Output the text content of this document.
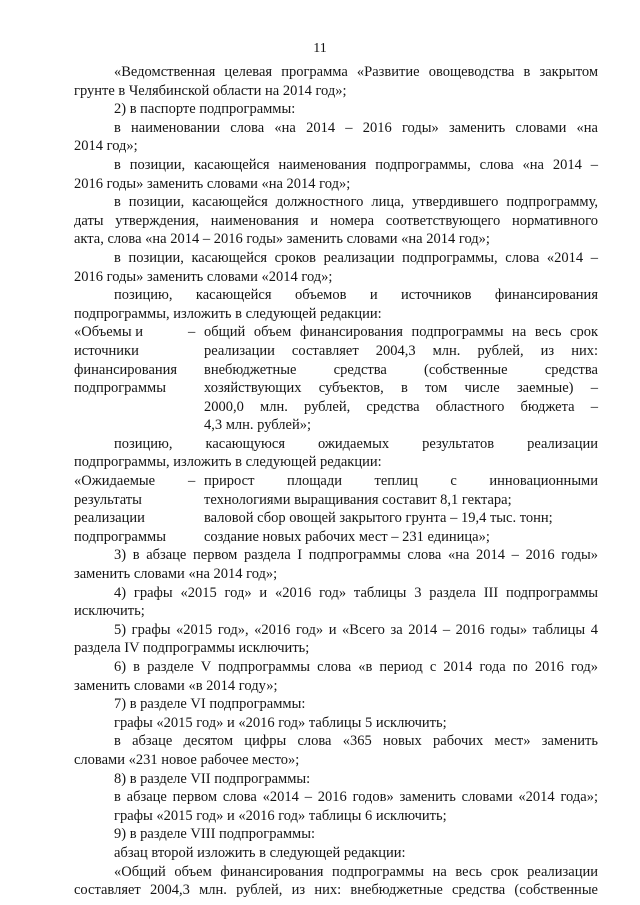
11
«Ведомственная целевая программа «Развитие овощеводства в закрытом
грунте в Челябинской области на 2014 год»;
2) в паспорте подпрограммы:
в наименовании слова «на 2014 – 2016 годы» заменить словами «на
2014 год»;
в позиции, касающейся наименования подпрограммы, слова «на 2014 –
2016 годы» заменить словами «на 2014 год»;
в позиции, касающейся должностного лица, утвердившего подпрограмму,
даты утверждения, наименования и номера соответствующего нормативного
акта, слова «на 2014 – 2016 годы» заменить словами «на 2014 год»;
в позиции, касающейся сроков реализации подпрограммы, слова «2014 –
2016 годы» заменить словами «2014 год»;
позицию, касающейся объемов и источников финансирования
подпрограммы, изложить в следующей редакции:
«Объемы и
источники
финансирования
подпрограммы
– общий объем финансирования подпрограммы на весь срок
реализации составляет 2004,3 млн. рублей, из них:
внебюджетные средства (собственные средства
хозяйствующих субъектов, в том числе заемные) –
2000,0 млн. рублей, средства областного бюджета –
4,3 млн. рублей»;
позицию, касающуюся ожидаемых результатов реализации
подпрограммы, изложить в следующей редакции:
«Ожидаемые
результаты
реализации
подпрограммы
– прирост площади теплиц с инновационными
технологиями выращивания составит 8,1 гектара;
валовой сбор овощей закрытого грунта – 19,4 тыс. тонн;
создание новых рабочих мест – 231 единица»;
3) в абзаце первом раздела I подпрограммы слова «на 2014 – 2016 годы»
заменить словами «на 2014 год»;
4) графы «2015 год» и «2016 год» таблицы 3 раздела III подпрограммы
исключить;
5) графы «2015 год», «2016 год» и «Всего за 2014 – 2016 годы» таблицы 4
раздела IV подпрограммы исключить;
6) в разделе V подпрограммы слова «в период с 2014 года по 2016 год»
заменить словами «в 2014 году»;
7) в разделе VI подпрограммы:
графы «2015 год» и «2016 год» таблицы 5 исключить;
в абзаце десятом цифры слова «365 новых рабочих мест» заменить
словами «231 новое рабочее место»;
8) в разделе VII подпрограммы:
в абзаце первом слова «2014 – 2016 годов» заменить словами «2014 года»;
графы «2015 год» и «2016 год» таблицы 6 исключить;
9) в разделе VIII подпрограммы:
абзац второй изложить в следующей редакции:
«Общий объем финансирования подпрограммы на весь срок реализации
составляет 2004,3 млн. рублей, из них: внебюджетные средства (собственные
